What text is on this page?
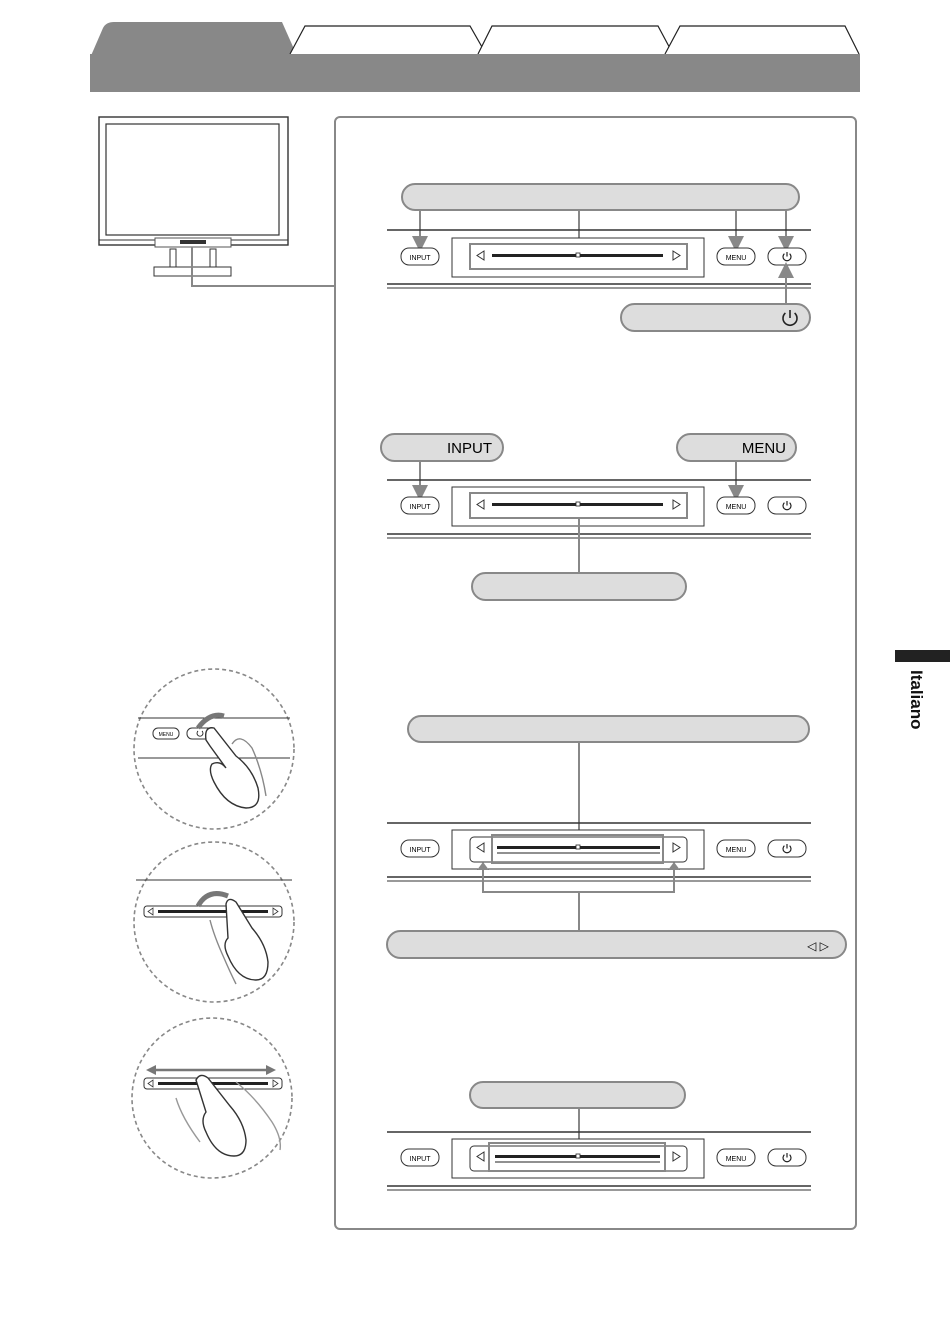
INPUT	MENU
INPUT	MENU
INPUT	MENU
INPUT	MENU
◁ ▷
INPUT	MENU
MENU
Italiano
